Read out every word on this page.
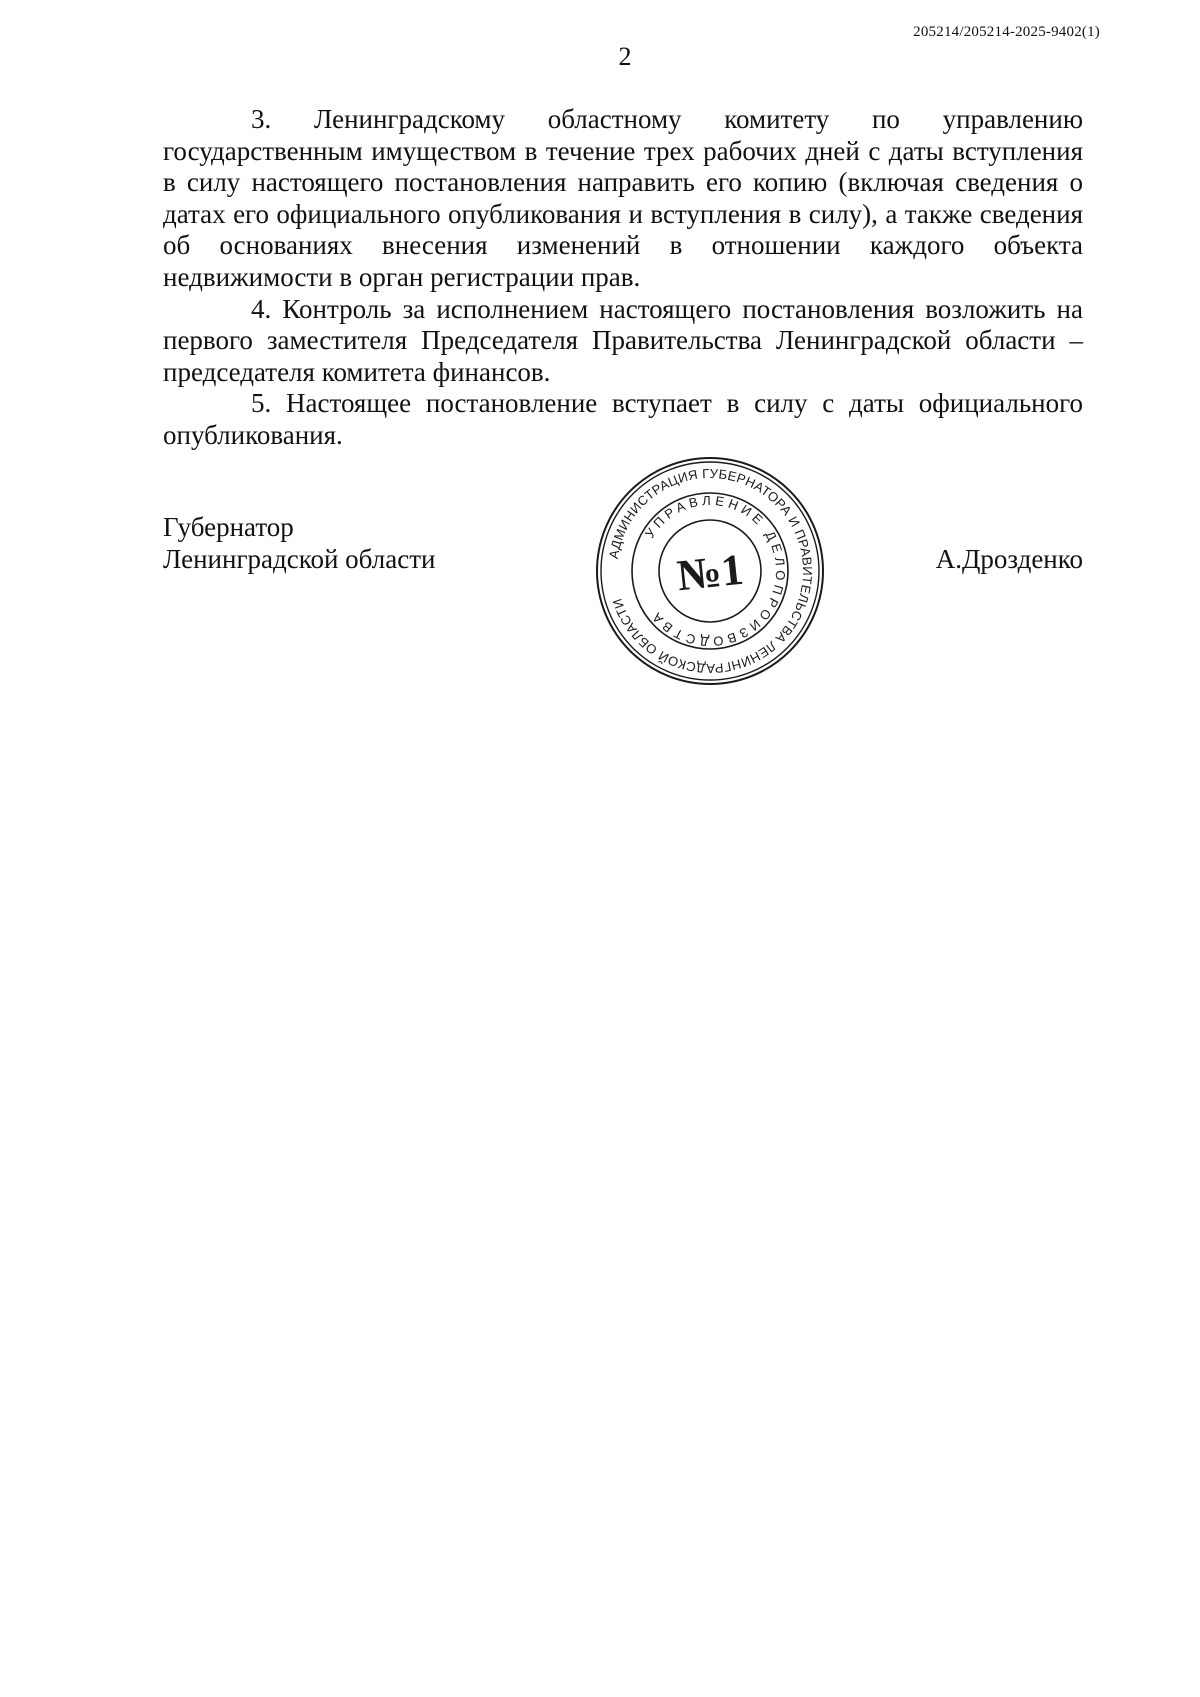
205214/205214-2025-9402(1)
2

3. Ленинградскому областному комитету по управлению государственным имуществом в течение трех рабочих дней с даты вступления в силу настоящего постановления направить его копию (включая сведения о датах его официального опубликования и вступления в силу), а также сведения об основаниях внесения изменений в отношении каждого объекта недвижимости в орган регистрации прав.

4. Контроль за исполнением настоящего постановления возложить на первого заместителя Председателя Правительства Ленинградской области – председателя комитета финансов.

5. Настоящее постановление вступает в силу с даты официального опубликования.

Губернатор
Ленинградской области	А.Дрозденко
АДМИНИСТРАЦИЯ ГУБЕРНАТОРА И ПРАВИТЕЛЬСТВА ЛЕНИНГРАДСКОЙ ОБЛАСТИ
УПРАВЛЕНИЕ ДЕЛОПРОИЗВОДСТВА
№1
